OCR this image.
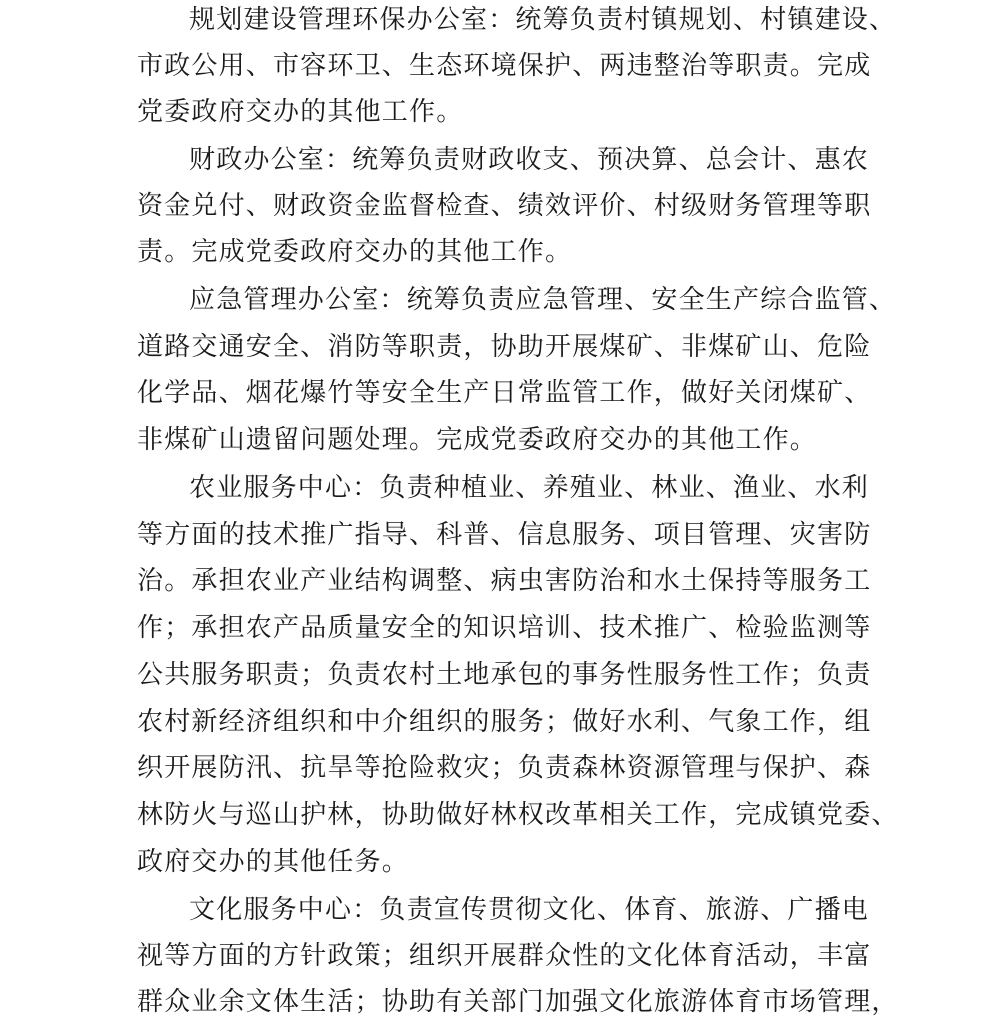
规划建设管理环保办公室：统筹负责村镇规划、村镇建设、
市政公用、市容环卫、生态环境保护、两违整治等职责。完成
党委政府交办的其他工作。
财政办公室：统筹负责财政收支、预决算、总会计、惠农
资金兑付、财政资金监督检查、绩效评价、村级财务管理等职
责。完成党委政府交办的其他工作。
应急管理办公室：统筹负责应急管理、安全生产综合监管、
道路交通安全、消防等职责，协助开展煤矿、非煤矿山、危险
化学品、烟花爆竹等安全生产日常监管工作，做好关闭煤矿、
非煤矿山遗留问题处理。完成党委政府交办的其他工作。
农业服务中心：负责种植业、养殖业、林业、渔业、水利
等方面的技术推广指导、科普、信息服务、项目管理、灾害防
治。承担农业产业结构调整、病虫害防治和水土保持等服务工
作；承担农产品质量安全的知识培训、技术推广、检验监测等
公共服务职责；负责农村土地承包的事务性服务性工作；负责
农村新经济组织和中介组织的服务；做好水利、气象工作，组
织开展防汛、抗旱等抢险救灾；负责森林资源管理与保护、森
林防火与巡山护林，协助做好林权改革相关工作，完成镇党委、
政府交办的其他任务。
文化服务中心：负责宣传贯彻文化、体育、旅游、广播电
视等方面的方针政策；组织开展群众性的文化体育活动，丰富
群众业余文体生活；协助有关部门加强文化旅游体育市场管理，
